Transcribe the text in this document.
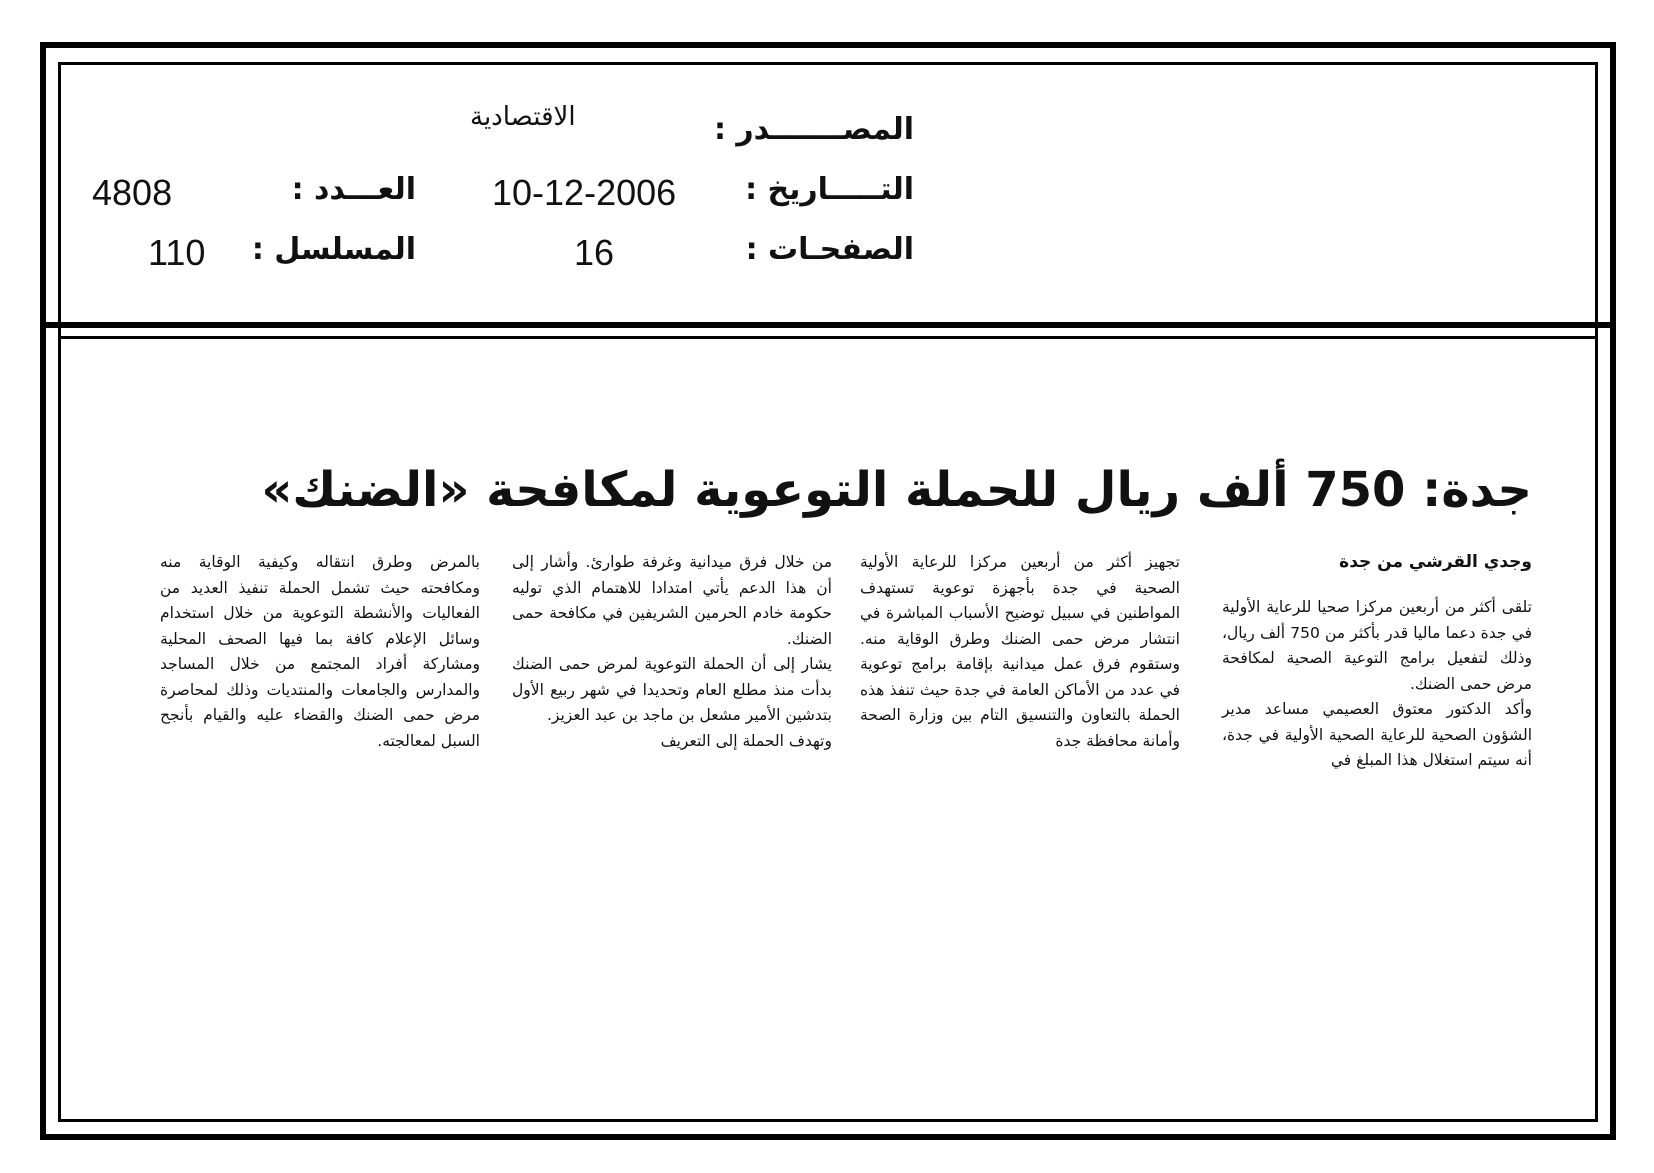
المصـــــــدر :
الاقتصادية
التـــــاريخ :
10-12-2006
العـــدد :
4808
الصفحـات :
16
المسلسل :
110
جدة: 750 ألف ريال للحملة التوعوية لمكافحة «الضنك»
وجدي القرشي من جدة

تلقى أكثر من أربعين مركزا صحيا للرعاية الأولية في جدة دعما ماليا قدر بأكثر من 750 ألف ريال، وذلك لتفعيل برامج التوعية الصحية لمكافحة مرض حمى الضنك.

وأكد الدكتور معتوق العصيمي مساعد مدير الشؤون الصحية للرعاية الصحية الأولية في جدة، أنه سيتم استغلال هذا المبلغ في

تجهيز أكثر من أربعين مركزا للرعاية الأولية الصحية في جدة بأجهزة توعوية تستهدف المواطنين في سبيل توضيح الأسباب المباشرة في انتشار مرض حمى الضنك وطرق الوقاية منه. وستقوم فرق عمل ميدانية بإقامة برامج توعوية في عدد من الأماكن العامة في جدة حيث تنفذ هذه الحملة بالتعاون والتنسيق التام بين وزارة الصحة وأمانة محافظة جدة

من خلال فرق ميدانية وغرفة طوارئ. وأشار إلى أن هذا الدعم يأتي امتدادا للاهتمام الذي توليه حكومة خادم الحرمين الشريفين في مكافحة حمى الضنك.

يشار إلى أن الحملة التوعوية لمرض حمى الضنك بدأت منذ مطلع العام وتحديدا في شهر ربيع الأول بتدشين الأمير مشعل بن ماجد بن عبد العزيز.

وتهدف الحملة إلى التعريف

بالمرض وطرق انتقاله وكيفية الوقاية منه ومكافحته حيث تشمل الحملة تنفيذ العديد من الفعاليات والأنشطة التوعوية من خلال استخدام وسائل الإعلام كافة بما فيها الصحف المحلية ومشاركة أفراد المجتمع من خلال المساجد والمدارس والجامعات والمنتديات وذلك لمحاصرة مرض حمى الضنك والقضاء عليه والقيام بأنجح السبل لمعالجته.
